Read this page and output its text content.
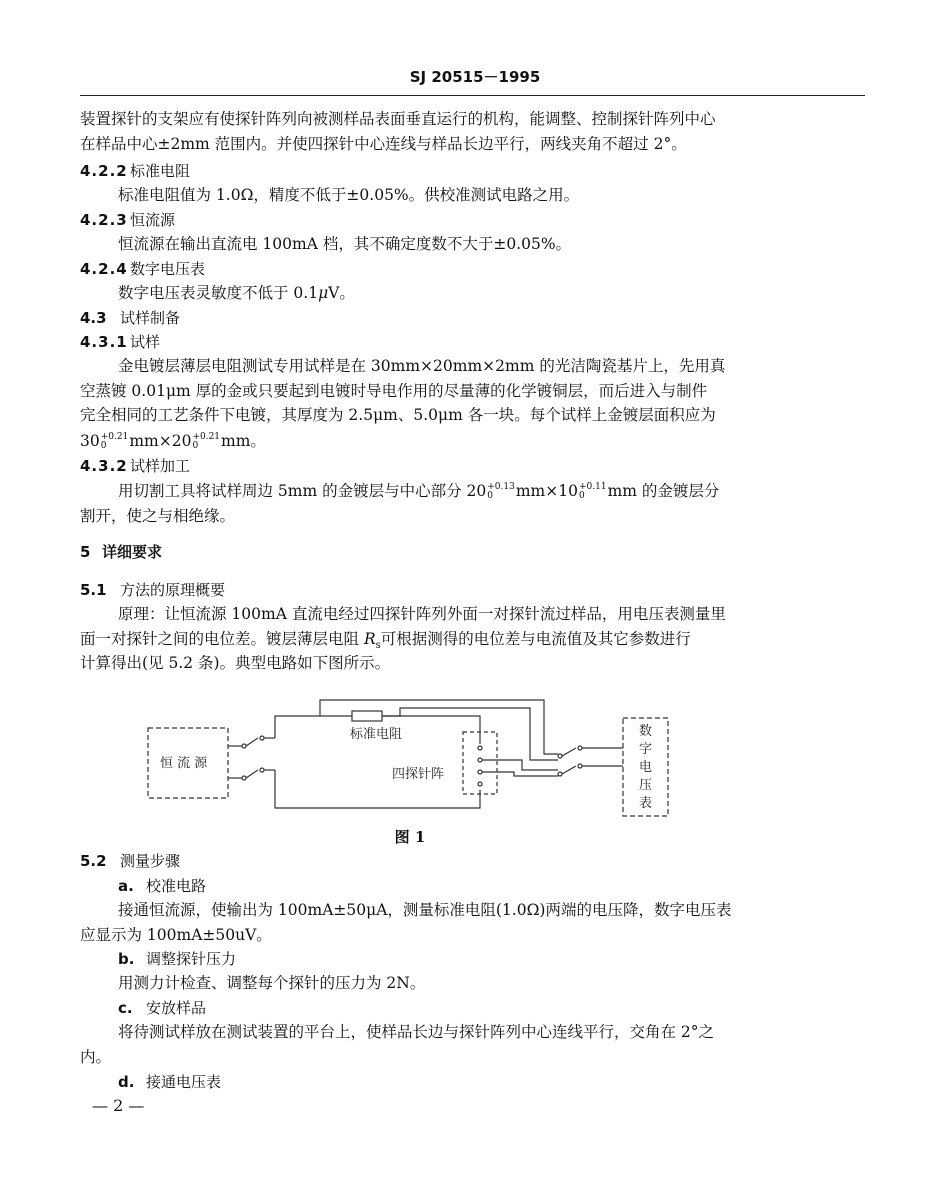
SJ 20515－1995
装置探针的支架应有使探针阵列向被测样品表面垂直运行的机构，能调整、控制探针阵列中心
在样品中心±2mm 范围内。并使四探针中心连线与样品长边平行，两线夹角不超过 2°。
4.2.2 标准电阻
标准电阻值为 1.0Ω，精度不低于±0.05%。供校准测试电路之用。
4.2.3 恒流源
恒流源在输出直流电 100mA 档，其不确定度数不大于±0.05%。
4.2.4 数字电压表
数字电压表灵敏度不低于 0.1μV。
4.3 试样制备
4.3.1 试样
金电镀层薄层电阻测试专用试样是在 30mm×20mm×2mm 的光洁陶瓷基片上，先用真
空蒸镀 0.01μm 厚的金或只要起到电镀时导电作用的尽量薄的化学镀铜层，而后进入与制件
完全相同的工艺条件下电镀，其厚度为 2.5μm、5.0μm 各一块。每个试样上金镀层面积应为
30 +0.21
0	mm×20 +0.21
0	mm。
4.3.2 试样加工
用切割工具将试样周边 5mm 的金镀层与中心部分 20 +0.13
0	mm×10 +0.11
0	mm 的金镀层分
割开，使之与相绝缘。
5 详细要求
5.1 方法的原理概要
原理：让恒流源 100mA 直流电经过四探针阵列外面一对探针流过样品，用电压表测量里
面一对探针之间的电位差。镀层薄层电阻 $R_s$可根据测得的电位差与电流值及其它参数进行
计算得出(见 5.2 条)。典型电路如下图所示。
恒 流 源
标准电阻
四探针阵
数
字
电
压
表
图 1
5.2 测量步骤
a. 校准电路
接通恒流源，使输出为 100mA±50μA，测量标准电阻(1.0Ω)两端的电压降，数字电压表
应显示为 100mA±50uV。
b. 调整探针压力
用测力计检查、调整每个探针的压力为 2N。
c. 安放样品
将待测试样放在测试装置的平台上，使样品长边与探针阵列中心连线平行，交角在 2°之
内。
d. 接通电压表
— 2 —
